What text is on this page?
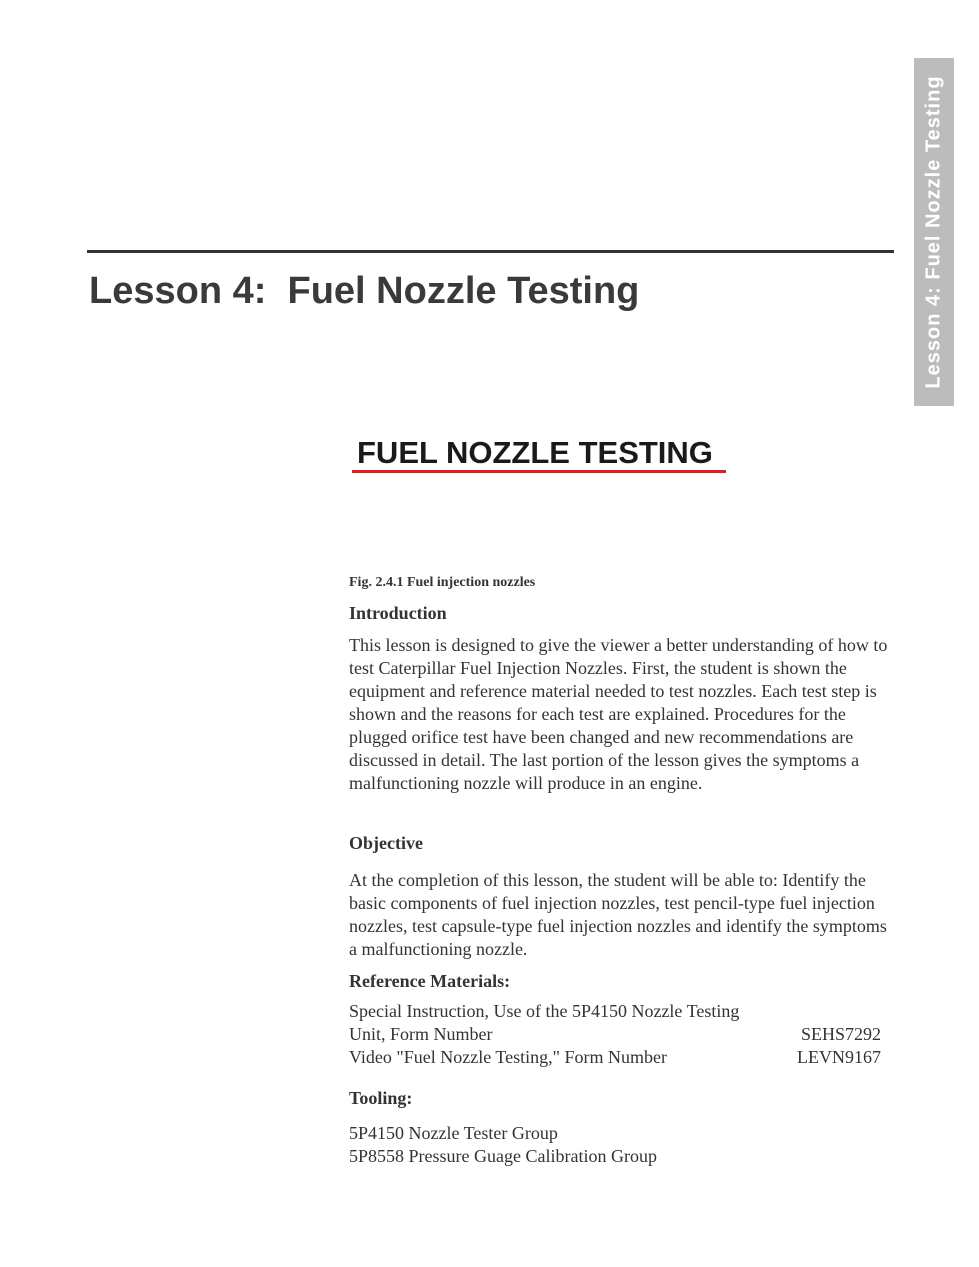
Lesson 4: Fuel Nozzle Testing
Lesson 4:  Fuel Nozzle Testing
FUEL NOZZLE TESTING
Fig. 2.4.1 Fuel injection nozzles
Introduction

This lesson is designed to give the viewer a better understanding of how to test Caterpillar Fuel Injection Nozzles. First, the student is shown the equipment and reference material needed to test nozzles. Each test step is shown and the reasons for each test are explained. Procedures for the plugged orifice test have been changed and new recommendations are discussed in detail. The last portion of the lesson gives the symptoms a malfunctioning nozzle will produce in an engine.

Objective

At the completion of this lesson, the student will be able to: Identify the basic components of fuel injection nozzles, test pencil-type fuel injection nozzles, test capsule-type fuel injection nozzles and identify the symptoms a malfunctioning nozzle.

Reference Materials:
Special Instruction, Use of the 5P4150 Nozzle Testing
Unit, Form Number	SEHS7292
Video "Fuel Nozzle Testing," Form Number	LEVN9167
Tooling:
5P4150 Nozzle Tester Group
5P8558 Pressure Guage Calibration Group
